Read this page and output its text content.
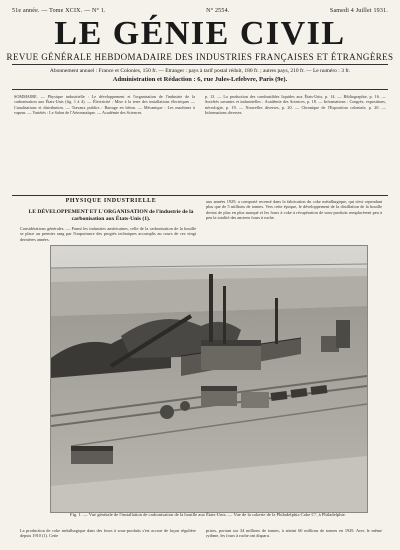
51e année. — Tome XCIX. — N° 1.	N° 2554.	Samedi 4 Juillet 1931.
LE GÉNIE CIVIL
REVUE GÉNÉRALE HEBDOMADAIRE DES INDUSTRIES FRANÇAISES ET ÉTRANGÈRES
Abonnement annuel : France et Colonies, 150 fr. — Étranger : pays à tarif postal réduit, 180 fr. ; autres pays, 210 fr. — Le numéro : 3 fr.
Administration et Rédaction : 6, rue Jules-Lefebvre, Paris (9e).
SOMMAIRE. — Physique industrielle : Le développement et l'organisation de l'industrie de la carbonisation aux États-Unis (fig. 1 à 4). — Électricité : Mise à la terre des installations électriques — Canalisations et distribution. — Travaux publics : Barrage en béton. — Mécanique : Les machines à vapeur. — Variétés : Le Salon de l'Aéronautique. — Académie des Sciences.
p. 13. — La production des combustibles liquides aux États-Unis, p. 14. — Bibliographie, p. 16. — Sociétés savantes et industrielles : Académie des Sciences, p. 18. — Informations : Congrès, expositions, nécrologie, p. 19. — Nouvelles diverses, p. 20. — Chronique de l'Exposition coloniale, p. 20. — Informations diverses.
PHYSIQUE INDUSTRIELLE
LE DÉVELOPPEMENT ET L'ORGANISATION de l'industrie de la carbonisation aux États-Unis (1).
Considérations générales. — Parmi les industries américaines, celle de la carbonisation de la houille se place au premier rang par l'importance des progrès techniques accomplis au cours de ces vingt dernières années.
aux années 1929, a comporté recensé dans la fabrication du coke métallurgique, qui n'est cependant plus que de 5 millions de tonnes. Vers cette époque, le développement de la distillation de la houille devint de plus en plus marqué et les fours à coke à récupération de sous-produits remplacèrent peu à peu la totalité des anciens fours à ruche.
Fig. 1. — Vue générale de l'installation de carbonisation de la houille aux États-Unis. — Vue de la cokerie de la Philadelphia Coke C°, à Philadelphie.
La production de coke métallurgique dans des fours à sous-produits s'est accrue de façon régulière depuis 1910 (1). Cette
prises, portant sur 34 millions de tonnes, à atteint 60 millions de tonnes en 1929. Avec le même rythme, les fours à ruche ont disparu.
